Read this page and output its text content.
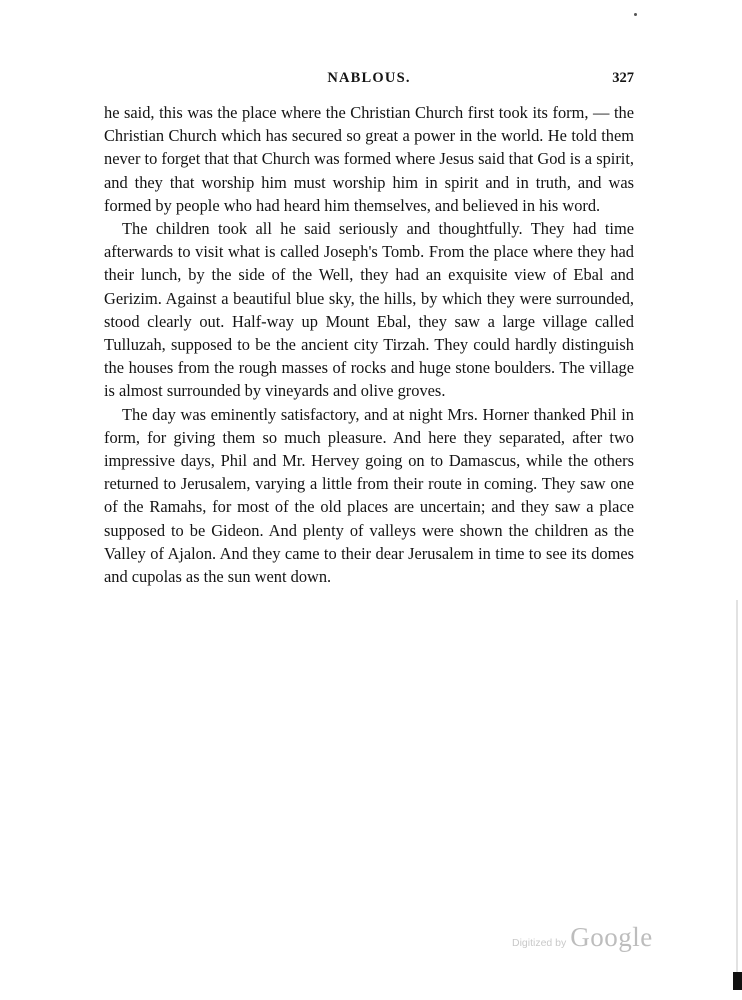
NABLOUS.	327

he said, this was the place where the Christian Church first took its form, — the Christian Church which has secured so great a power in the world. He told them never to forget that that Church was formed where Jesus said that God is a spirit, and they that worship him must worship him in spirit and in truth, and was formed by people who had heard him themselves, and believed in his word.

The children took all he said seriously and thoughtfully. They had time afterwards to visit what is called Joseph's Tomb. From the place where they had their lunch, by the side of the Well, they had an exquisite view of Ebal and Gerizim. Against a beautiful blue sky, the hills, by which they were surrounded, stood clearly out. Half-way up Mount Ebal, they saw a large village called Tulluzah, supposed to be the ancient city Tirzah. They could hardly distinguish the houses from the rough masses of rocks and huge stone boulders. The village is almost surrounded by vineyards and olive groves.

The day was eminently satisfactory, and at night Mrs. Horner thanked Phil in form, for giving them so much pleasure. And here they separated, after two impressive days, Phil and Mr. Hervey going on to Damascus, while the others returned to Jerusalem, varying a little from their route in coming. They saw one of the Ramahs, for most of the old places are uncertain; and they saw a place supposed to be Gideon. And plenty of valleys were shown the children as the Valley of Ajalon. And they came to their dear Jerusalem in time to see its domes and cupolas as the sun went down.

Digitized by Google
